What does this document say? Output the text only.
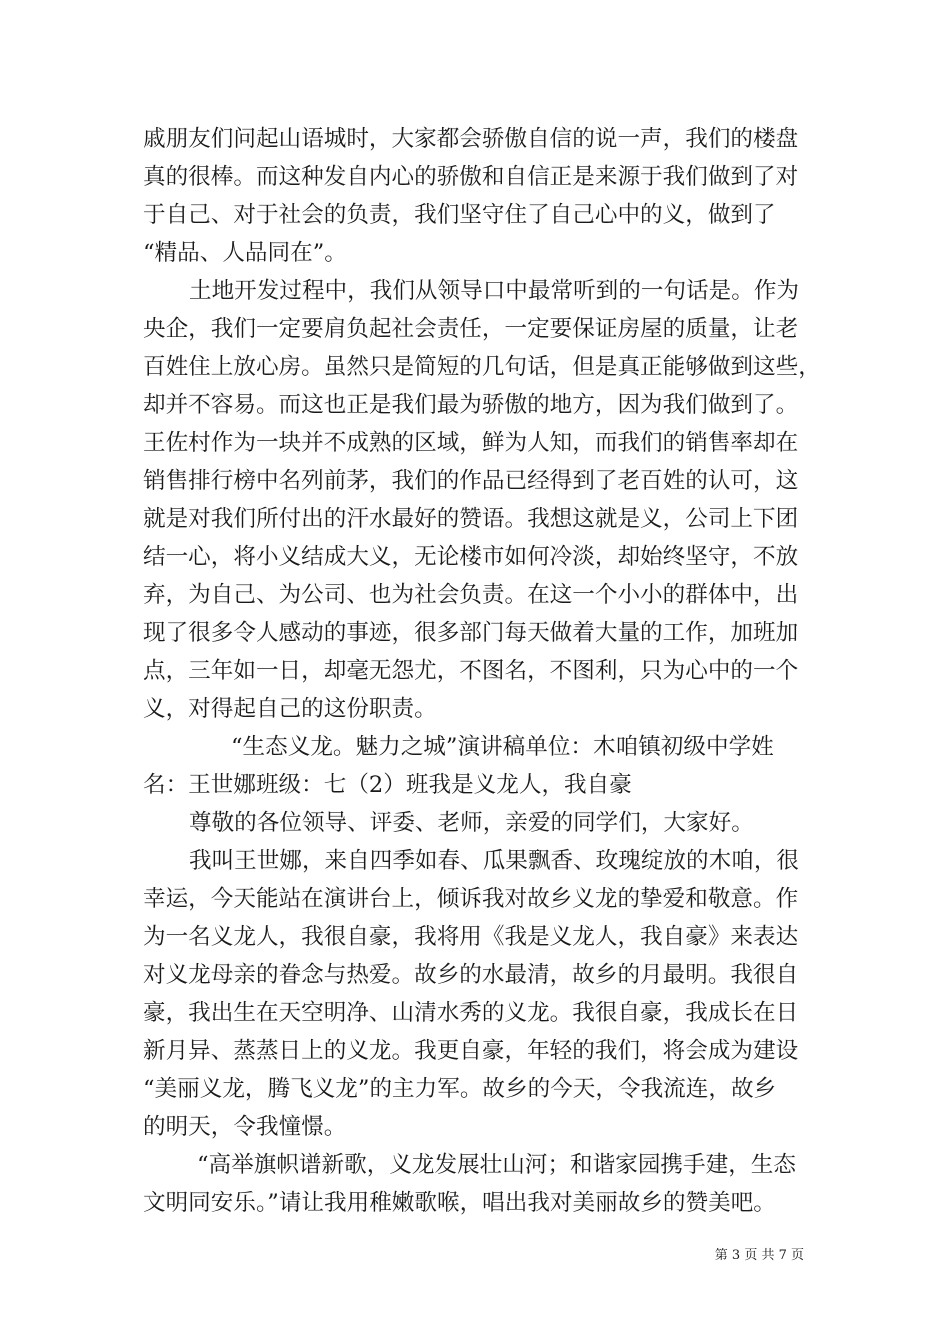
戚朋友们问起山语城时，大家都会骄傲自信的说一声，我们的楼盘
真的很棒。而这种发自内心的骄傲和自信正是来源于我们做到了对
于自己、对于社会的负责，我们坚守住了自己心中的义，做到了
“精品、人品同在”。
土地开发过程中，我们从领导口中最常听到的一句话是。作为
央企，我们一定要肩负起社会责任，一定要保证房屋的质量，让老
百姓住上放心房。虽然只是简短的几句话，但是真正能够做到这些，
却并不容易。而这也正是我们最为骄傲的地方，因为我们做到了。
王佐村作为一块并不成熟的区域，鲜为人知，而我们的销售率却在
销售排行榜中名列前茅，我们的作品已经得到了老百姓的认可，这
就是对我们所付出的汗水最好的赞语。我想这就是义，公司上下团
结一心，将小义结成大义，无论楼市如何冷淡，却始终坚守，不放
弃，为自己、为公司、也为社会负责。在这一个小小的群体中，出
现了很多令人感动的事迹，很多部门每天做着大量的工作，加班加
点，三年如一日，却毫无怨尤，不图名，不图利，只为心中的一个
义，对得起自己的这份职责。
“生态义龙。魅力之城”演讲稿单位：木咱镇初级中学姓
名：王世娜班级：七（2）班我是义龙人，我自豪
尊敬的各位领导、评委、老师，亲爱的同学们，大家好。
我叫王世娜，来自四季如春、瓜果飘香、玫瑰绽放的木咱，很
幸运，今天能站在演讲台上，倾诉我对故乡义龙的挚爱和敬意。作
为一名义龙人，我很自豪，我将用《我是义龙人，我自豪》来表达
对义龙母亲的眷念与热爱。故乡的水最清，故乡的月最明。我很自
豪，我出生在天空明净、山清水秀的义龙。我很自豪，我成长在日
新月异、蒸蒸日上的义龙。我更自豪，年轻的我们，将会成为建设
“美丽义龙，腾飞义龙”的主力军。故乡的今天，令我流连，故乡
的明天，令我憧憬。
“高举旗帜谱新歌，义龙发展壮山河；和谐家园携手建，生态
文明同安乐。”请让我用稚嫩歌喉，唱出我对美丽故乡的赞美吧。
第 3 页 共 7 页
